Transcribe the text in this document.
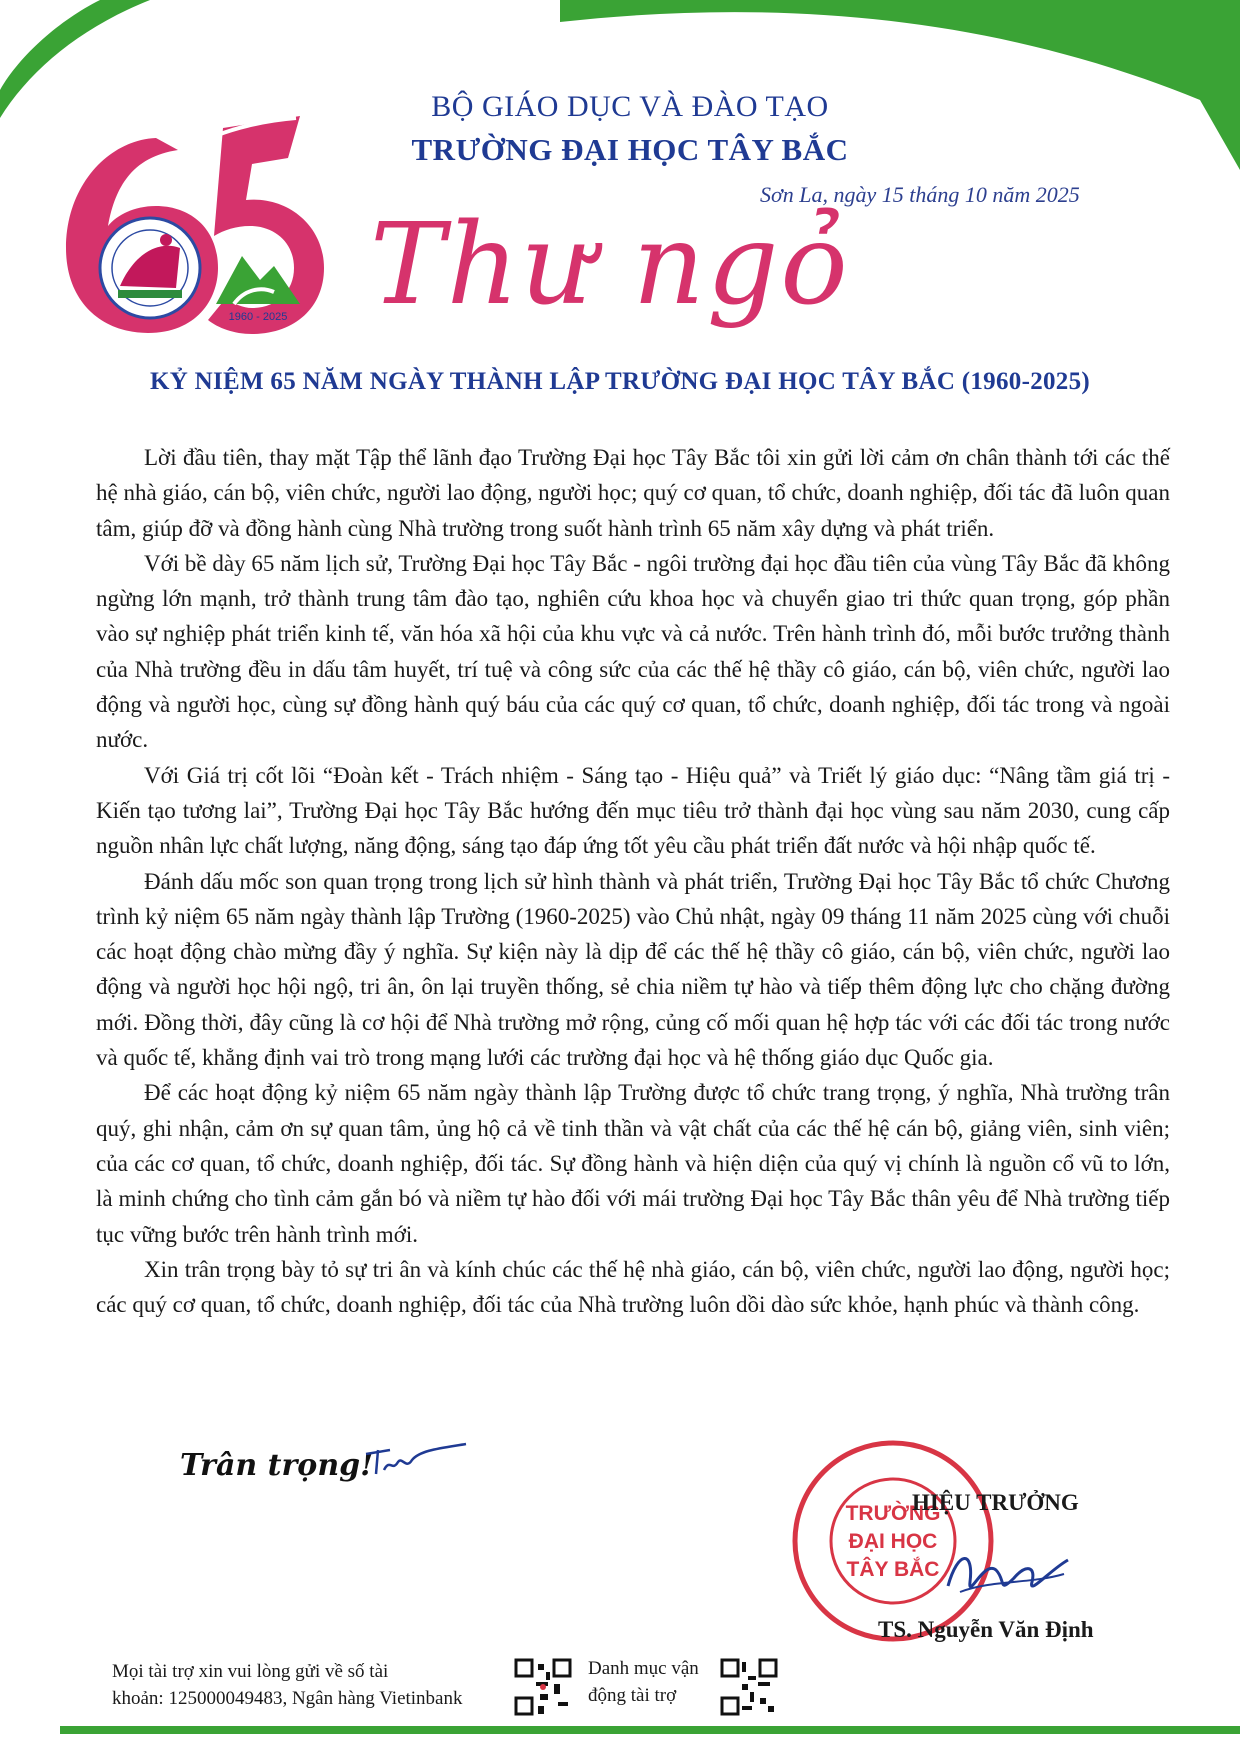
1960 - 2025
BỘ GIÁO DỤC VÀ ĐÀO TẠO
TRƯỜNG ĐẠI HỌC TÂY BẮC
Sơn La, ngày 15 tháng 10 năm 2025
Thư ngỏ
KỶ NIỆM 65 NĂM NGÀY THÀNH LẬP TRƯỜNG ĐẠI HỌC TÂY BẮC (1960-2025)

Lời đầu tiên, thay mặt Tập thể lãnh đạo Trường Đại học Tây Bắc tôi xin gửi lời cảm ơn chân thành tới các thế hệ nhà giáo, cán bộ, viên chức, người lao động, người học; quý cơ quan, tổ chức, doanh nghiệp, đối tác đã luôn quan tâm, giúp đỡ và đồng hành cùng Nhà trường trong suốt hành trình 65 năm xây dựng và phát triển.

Với bề dày 65 năm lịch sử, Trường Đại học Tây Bắc - ngôi trường đại học đầu tiên của vùng Tây Bắc đã không ngừng lớn mạnh, trở thành trung tâm đào tạo, nghiên cứu khoa học và chuyển giao tri thức quan trọng, góp phần vào sự nghiệp phát triển kinh tế, văn hóa xã hội của khu vực và cả nước. Trên hành trình đó, mỗi bước trưởng thành của Nhà trường đều in dấu tâm huyết, trí tuệ và công sức của các thế hệ thầy cô giáo, cán bộ, viên chức, người lao động và người học, cùng sự đồng hành quý báu của các quý cơ quan, tổ chức, doanh nghiệp, đối tác trong và ngoài nước.

Với Giá trị cốt lõi “Đoàn kết - Trách nhiệm - Sáng tạo - Hiệu quả” và Triết lý giáo dục: “Nâng tầm giá trị - Kiến tạo tương lai”, Trường Đại học Tây Bắc hướng đến mục tiêu trở thành đại học vùng sau năm 2030, cung cấp nguồn nhân lực chất lượng, năng động, sáng tạo đáp ứng tốt yêu cầu phát triển đất nước và hội nhập quốc tế.

Đánh dấu mốc son quan trọng trong lịch sử hình thành và phát triển, Trường Đại học Tây Bắc tổ chức Chương trình kỷ niệm 65 năm ngày thành lập Trường (1960-2025) vào Chủ nhật, ngày 09 tháng 11 năm 2025 cùng với chuỗi các hoạt động chào mừng đầy ý nghĩa. Sự kiện này là dịp để các thế hệ thầy cô giáo, cán bộ, viên chức, người lao động và người học hội ngộ, tri ân, ôn lại truyền thống, sẻ chia niềm tự hào và tiếp thêm động lực cho chặng đường mới. Đồng thời, đây cũng là cơ hội để Nhà trường mở rộng, củng cố mối quan hệ hợp tác với các đối tác trong nước và quốc tế, khẳng định vai trò trong mạng lưới các trường đại học và hệ thống giáo dục Quốc gia.

Để các hoạt động kỷ niệm 65 năm ngày thành lập Trường được tổ chức trang trọng, ý nghĩa, Nhà trường trân quý, ghi nhận, cảm ơn sự quan tâm, ủng hộ cả về tinh thần và vật chất của các thế hệ cán bộ, giảng viên, sinh viên; của các cơ quan, tổ chức, doanh nghiệp, đối tác. Sự đồng hành và hiện diện của quý vị chính là nguồn cổ vũ to lớn, là minh chứng cho tình cảm gắn bó và niềm tự hào đối với mái trường Đại học Tây Bắc thân yêu để Nhà trường tiếp tục vững bước trên hành trình mới.

Xin trân trọng bày tỏ sự tri ân và kính chúc các thế hệ nhà giáo, cán bộ, viên chức, người lao động, người học; các quý cơ quan, tổ chức, doanh nghiệp, đối tác của Nhà trường luôn dồi dào sức khỏe, hạnh phúc và thành công.

Trân trọng!
TRƯỜNG
ĐẠI HỌC
TÂY BẮC
HIỆU TRƯỞNG
TS. Nguyễn Văn Định
Mọi tài trợ xin vui lòng gửi về số tài
khoản: 125000049483, Ngân hàng Vietinbank
Danh mục vận
động tài trợ
